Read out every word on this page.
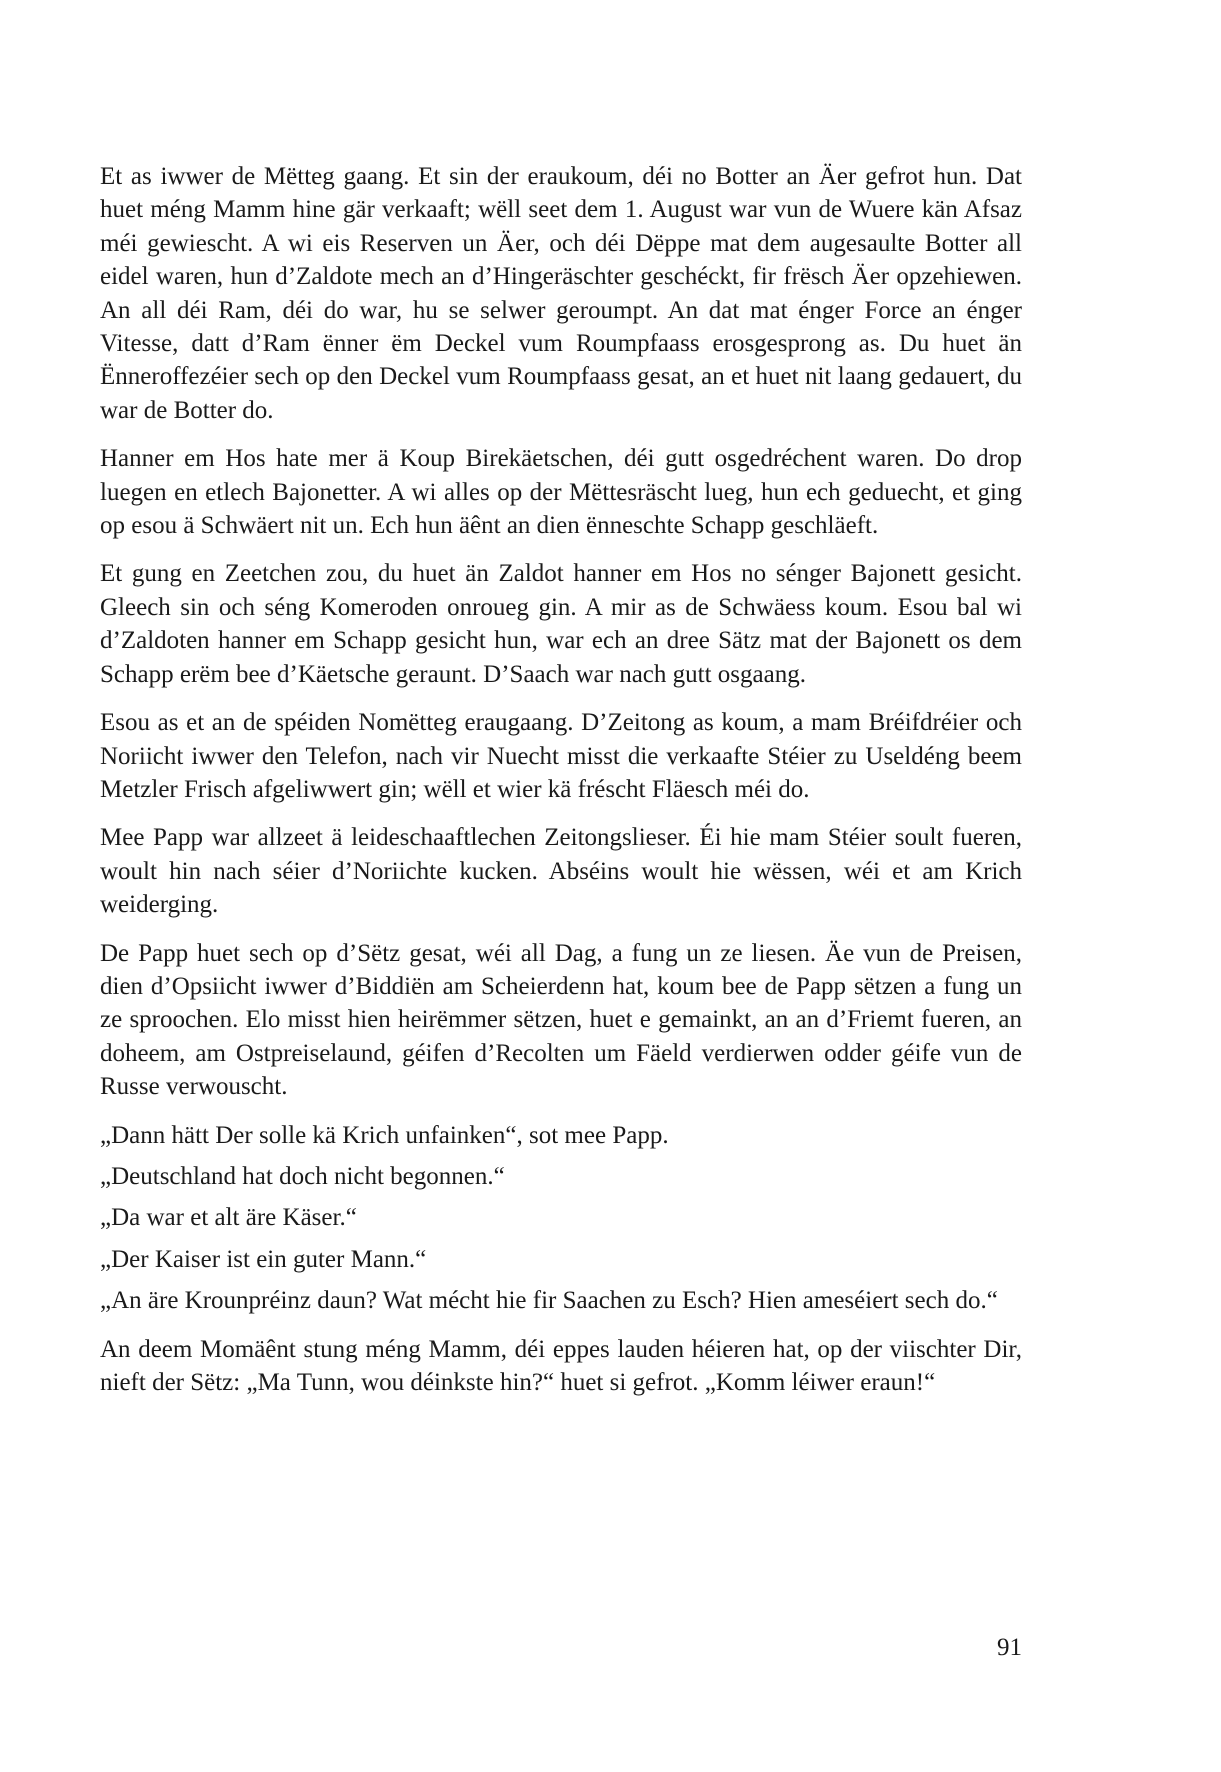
Et as iwwer de Mëtteg gaang. Et sin der eraukoum, déi no Botter an Äer gefrot hun. Dat huet méng Mamm hine gär verkaaft; wëll seet dem 1. August war vun de Wuere kän Afsaz méi gewiescht. A wi eis Reserven un Äer, och déi Dëppe mat dem augesaulte Botter all eidel waren, hun d’Zaldote mech an d’Hingeräschter geschéckt, fir frësch Äer opzehiewen. An all déi Ram, déi do war, hu se selwer geroumpt. An dat mat énger Force an énger Vitesse, datt d’Ram ënner ëm Deckel vum Roumpfaass erosgesprong as. Du huet än Ënneroffezéier sech op den Deckel vum Roumpfaass gesat, an et huet nit laang gedauert, du war de Botter do.

Hanner em Hos hate mer ä Koup Birekäetschen, déi gutt osgedréchent waren. Do drop luegen en etlech Bajonetter. A wi alles op der Mëttesräscht lueg, hun ech geduecht, et ging op esou ä Schwäert nit un. Ech hun äênt an dien ënneschte Schapp geschläeft.

Et gung en Zeetchen zou, du huet än Zaldot hanner em Hos no sénger Bajonett gesicht. Gleech sin och séng Komeroden onroueg gin. A mir as de Schwäess koum. Esou bal wi d’Zaldoten hanner em Schapp gesicht hun, war ech an dree Sätz mat der Bajonett os dem Schapp erëm bee d’Käetsche geraunt. D’Saach war nach gutt osgaang.

Esou as et an de spéiden Nomëtteg eraugaang. D’Zeitong as koum, a mam Bréifdréier och Noriicht iwwer den Telefon, nach vir Nuecht misst die verkaafte Stéier zu Useldéng beem Metzler Frisch afgeliwwert gin; wëll et wier kä fréscht Fläesch méi do.

Mee Papp war allzeet ä leideschaaftlechen Zeitongslieser. Éi hie mam Stéier soult fueren, woult hin nach séier d’Noriichte kucken. Abséins woult hie wëssen, wéi et am Krich weiderging.

De Papp huet sech op d’Sëtz gesat, wéi all Dag, a fung un ze liesen. Äe vun de Preisen, dien d’Opsiicht iwwer d’Biddiën am Scheierdenn hat, koum bee de Papp sëtzen a fung un ze sproochen. Elo misst hien heirëmmer sëtzen, huet e gemainkt, an an d’Friemt fueren, an doheem, am Ostpreiselaund, géifen d’Recolten um Fäeld verdierwen odder géife vun de Russe verwouscht.

„Dann hätt Der solle kä Krich unfainken“, sot mee Papp.

„Deutschland hat doch nicht begonnen.“

„Da war et alt äre Käser.“

„Der Kaiser ist ein guter Mann.“

„An äre Krounpréinz daun? Wat mécht hie fir Saachen zu Esch? Hien ameséiert sech do.“

An deem Momäênt stung méng Mamm, déi eppes lauden héieren hat, op der viischter Dir, nieft der Sëtz: „Ma Tunn, wou déinkste hin?“ huet si gefrot. „Komm léiwer eraun!“

91
